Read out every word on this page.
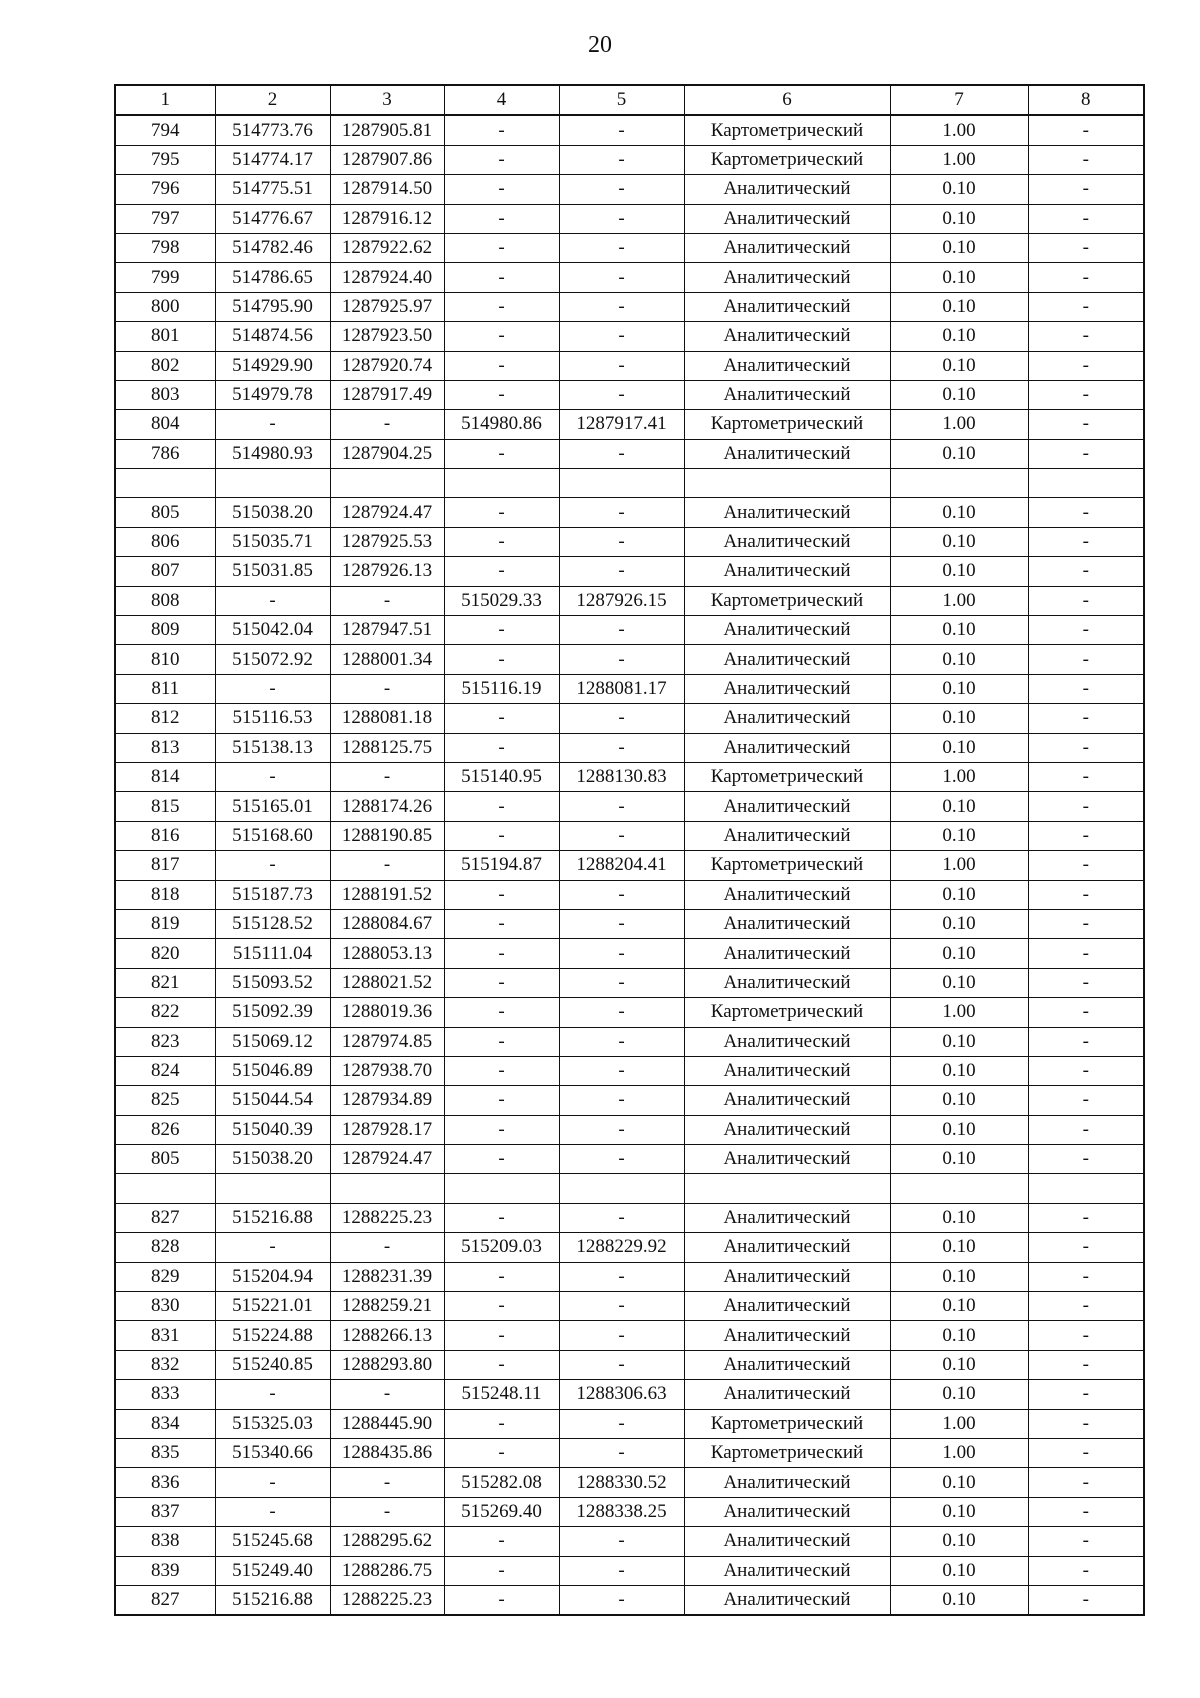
20
1	2	3	4	5	6	7	8
794	514773.76	1287905.81	-	-	Картометрический	1.00	-
795	514774.17	1287907.86	-	-	Картометрический	1.00	-
796	514775.51	1287914.50	-	-	Аналитический	0.10	-
797	514776.67	1287916.12	-	-	Аналитический	0.10	-
798	514782.46	1287922.62	-	-	Аналитический	0.10	-
799	514786.65	1287924.40	-	-	Аналитический	0.10	-
800	514795.90	1287925.97	-	-	Аналитический	0.10	-
801	514874.56	1287923.50	-	-	Аналитический	0.10	-
802	514929.90	1287920.74	-	-	Аналитический	0.10	-
803	514979.78	1287917.49	-	-	Аналитический	0.10	-
804	-	-	514980.86	1287917.41	Картометрический	1.00	-
786	514980.93	1287904.25	-	-	Аналитический	0.10	-

805	515038.20	1287924.47	-	-	Аналитический	0.10	-
806	515035.71	1287925.53	-	-	Аналитический	0.10	-
807	515031.85	1287926.13	-	-	Аналитический	0.10	-
808	-	-	515029.33	1287926.15	Картометрический	1.00	-
809	515042.04	1287947.51	-	-	Аналитический	0.10	-
810	515072.92	1288001.34	-	-	Аналитический	0.10	-
811	-	-	515116.19	1288081.17	Аналитический	0.10	-
812	515116.53	1288081.18	-	-	Аналитический	0.10	-
813	515138.13	1288125.75	-	-	Аналитический	0.10	-
814	-	-	515140.95	1288130.83	Картометрический	1.00	-
815	515165.01	1288174.26	-	-	Аналитический	0.10	-
816	515168.60	1288190.85	-	-	Аналитический	0.10	-
817	-	-	515194.87	1288204.41	Картометрический	1.00	-
818	515187.73	1288191.52	-	-	Аналитический	0.10	-
819	515128.52	1288084.67	-	-	Аналитический	0.10	-
820	515111.04	1288053.13	-	-	Аналитический	0.10	-
821	515093.52	1288021.52	-	-	Аналитический	0.10	-
822	515092.39	1288019.36	-	-	Картометрический	1.00	-
823	515069.12	1287974.85	-	-	Аналитический	0.10	-
824	515046.89	1287938.70	-	-	Аналитический	0.10	-
825	515044.54	1287934.89	-	-	Аналитический	0.10	-
826	515040.39	1287928.17	-	-	Аналитический	0.10	-
805	515038.20	1287924.47	-	-	Аналитический	0.10	-

827	515216.88	1288225.23	-	-	Аналитический	0.10	-
828	-	-	515209.03	1288229.92	Аналитический	0.10	-
829	515204.94	1288231.39	-	-	Аналитический	0.10	-
830	515221.01	1288259.21	-	-	Аналитический	0.10	-
831	515224.88	1288266.13	-	-	Аналитический	0.10	-
832	515240.85	1288293.80	-	-	Аналитический	0.10	-
833	-	-	515248.11	1288306.63	Аналитический	0.10	-
834	515325.03	1288445.90	-	-	Картометрический	1.00	-
835	515340.66	1288435.86	-	-	Картометрический	1.00	-
836	-	-	515282.08	1288330.52	Аналитический	0.10	-
837	-	-	515269.40	1288338.25	Аналитический	0.10	-
838	515245.68	1288295.62	-	-	Аналитический	0.10	-
839	515249.40	1288286.75	-	-	Аналитический	0.10	-
827	515216.88	1288225.23	-	-	Аналитический	0.10	-
